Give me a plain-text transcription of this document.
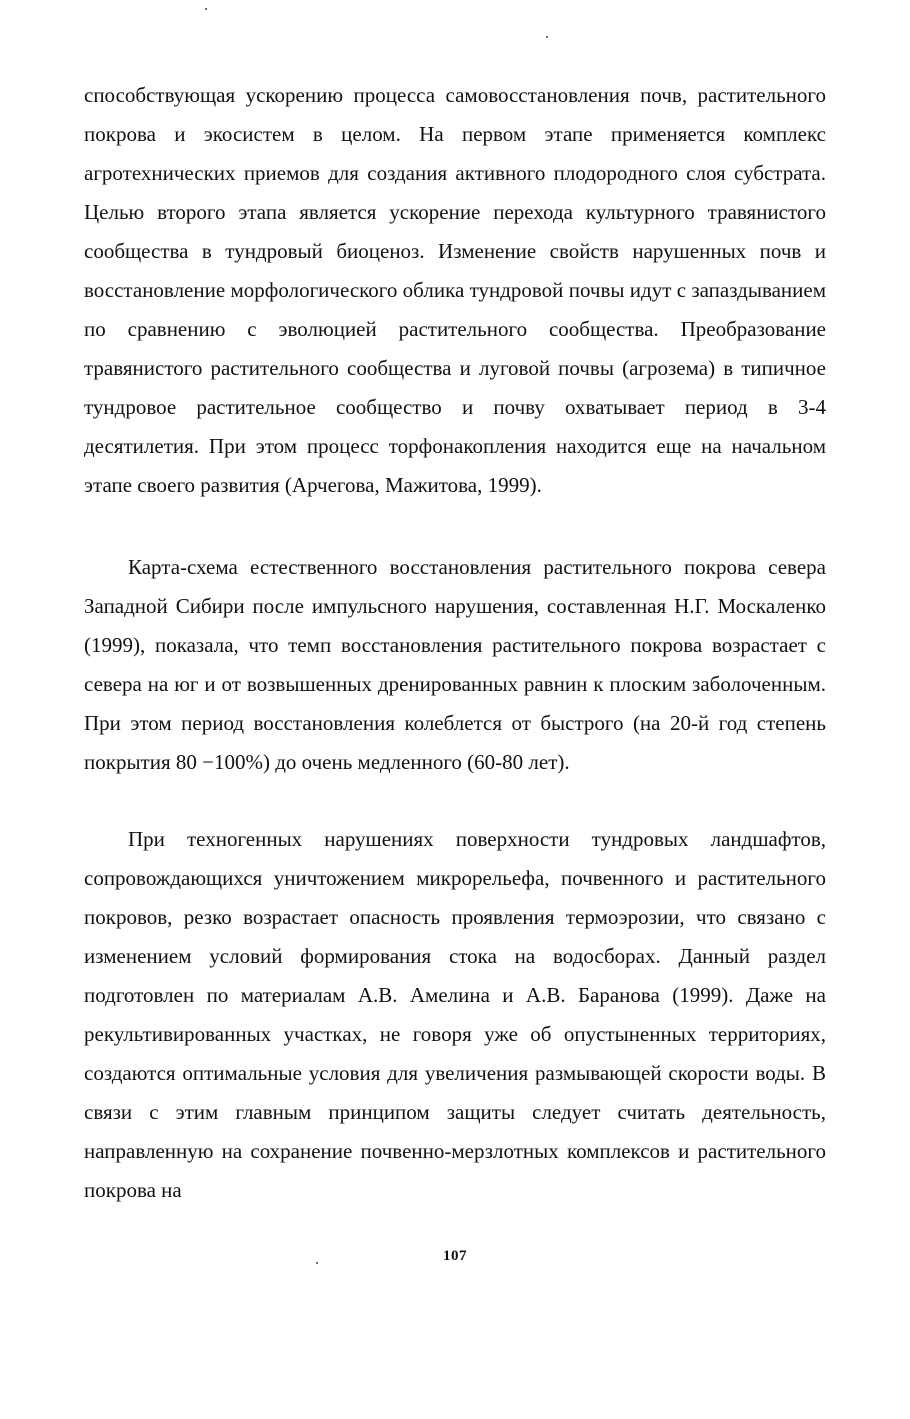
способствующая ускорению процесса самовосстановления почв, растительного покрова и экосистем в целом. На первом этапе применяется комплекс агротехнических приемов для создания активного плодородного слоя субстрата. Целью второго этапа является ускорение перехода культурного травянистого сообщества в тундровый биоценоз. Изменение свойств нарушенных почв и восстановление морфологического облика тундровой почвы идут с запаздыванием по сравнению с эволюцией растительного сообщества. Преобразование травянистого растительного сообщества и луговой почвы (агрозема) в типичное тундровое растительное сообщество и почву охватывает период в 3-4 десятилетия. При этом процесс торфонакопления находится еще на начальном этапе своего развития (Арчегова, Мажитова, 1999).

Карта-схема естественного восстановления растительного покрова севера Западной Сибири после импульсного нарушения, составленная Н.Г. Москаленко (1999), показала, что темп восстановления растительного покрова возрастает с севера на юг и от возвышенных дренированных равнин к плоским заболоченным. При этом период восстановления колеблется от быстрого (на 20-й год степень покрытия 80 −100%) до очень медленного (60-80 лет).

При техногенных нарушениях поверхности тундровых ландшафтов, сопровождающихся уничтожением микрорельефа, почвенного и растительного покровов, резко возрастает опасность проявления термоэрозии, что связано с изменением условий формирования стока на водосборах. Данный раздел подготовлен по материалам А.В. Амелина и А.В. Баранова (1999). Даже на рекультивированных участках, не говоря уже об опустыненных территориях, создаются оптимальные условия для увеличения размывающей скорости воды. В связи с этим главным принципом защиты следует считать деятельность, направленную на сохранение почвенно-мерзлотных комплексов и растительного покрова на

107
